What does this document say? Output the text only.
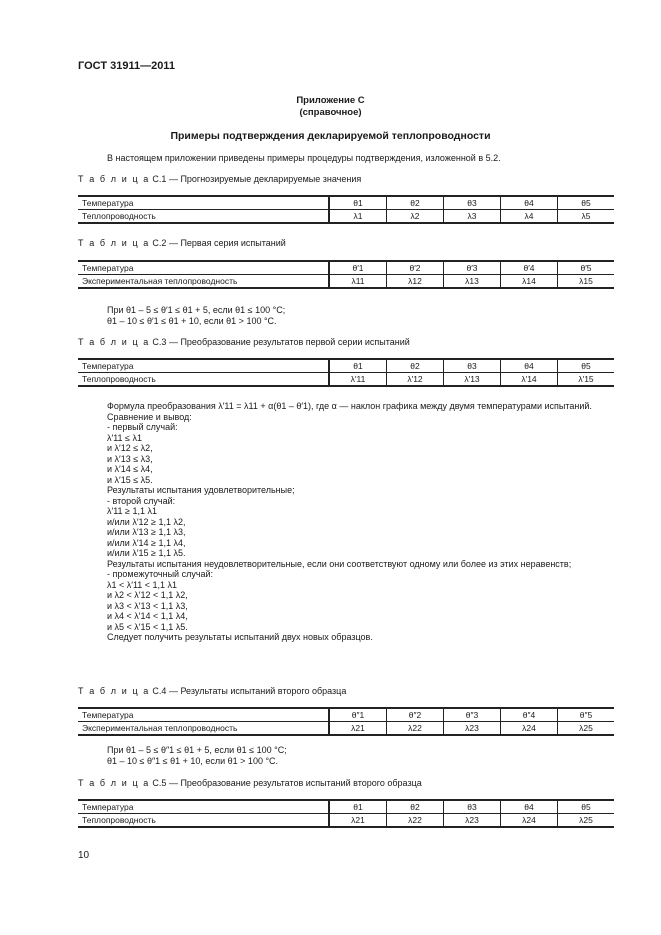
ГОСТ 31911—2011
Приложение С
(справочное)
Примеры подтверждения декларируемой теплопроводности
В настоящем приложении приведены примеры процедуры подтверждения, изложенной в 5.2.
Т а б л и ц а С.1 — Прогнозируемые декларируемые значения
Температура	θ1	θ2	θ3	θ4	θ5
Теплопроводность	λ1	λ2	λ3	λ4	λ5
Т а б л и ц а С.2 — Первая серия испытаний
Температура	θ′1	θ′2	θ′3	θ′4	θ′5
Экспериментальная теплопроводность	λ11	λ12	λ13	λ14	λ15
При θ1 – 5 ≤ θ′1 ≤ θ1 + 5, если θ1 ≤ 100 °С;
θ1 – 10 ≤ θ′1 ≤ θ1 + 10, если θ1 > 100 °С.
Т а б л и ц а С.3 — Преобразование результатов первой серии испытаний
Температура	θ1	θ2	θ3	θ4	θ5
Теплопроводность	λ′11	λ′12	λ′13	λ′14	λ′15
Формула преобразования λ′11 = λ11 + α(θ1 – θ′1), где α — наклон графика между двумя температурами испытаний.
Сравнение и вывод:
- первый случай:
λ′11 ≤ λ1
и λ′12 ≤ λ2,
и λ′13 ≤ λ3,
и λ′14 ≤ λ4,
и λ′15 ≤ λ5.
Результаты испытания удовлетворительные;
- второй случай:
λ′11 ≥ 1,1 λ1
и/или λ′12 ≥ 1,1 λ2,
и/или λ′13 ≥ 1,1 λ3,
и/или λ′14 ≥ 1,1 λ4,
и/или λ′15 ≥ 1,1 λ5.
Результаты испытания неудовлетворительные, если они соответствуют одному или более из этих неравенств;
- промежуточный случай:
λ1 < λ′11 < 1,1 λ1
и λ2 < λ′12 < 1,1 λ2,
и λ3 < λ′13 < 1,1 λ3,
и λ4 < λ′14 < 1,1 λ4,
и λ5 < λ′15 < 1,1 λ5.
Следует получить результаты испытаний двух новых образцов.
Т а б л и ц а С.4 — Результаты испытаний второго образца
Температура	θ″1	θ″2	θ″3	θ″4	θ″5
Экспериментальная теплопроводность	λ21	λ22	λ23	λ24	λ25
При θ1 – 5 ≤ θ″1 ≤ θ1 + 5, если θ1 ≤ 100 °С;
θ1 – 10 ≤ θ″1 ≤ θ1 + 10, если θ1 > 100 °С.
Т а б л и ц а С.5 — Преобразование результатов испытаний второго образца
Температура	θ1	θ2	θ3	θ4	θ5
Теплопроводность	λ21	λ22	λ23	λ24	λ25
10
